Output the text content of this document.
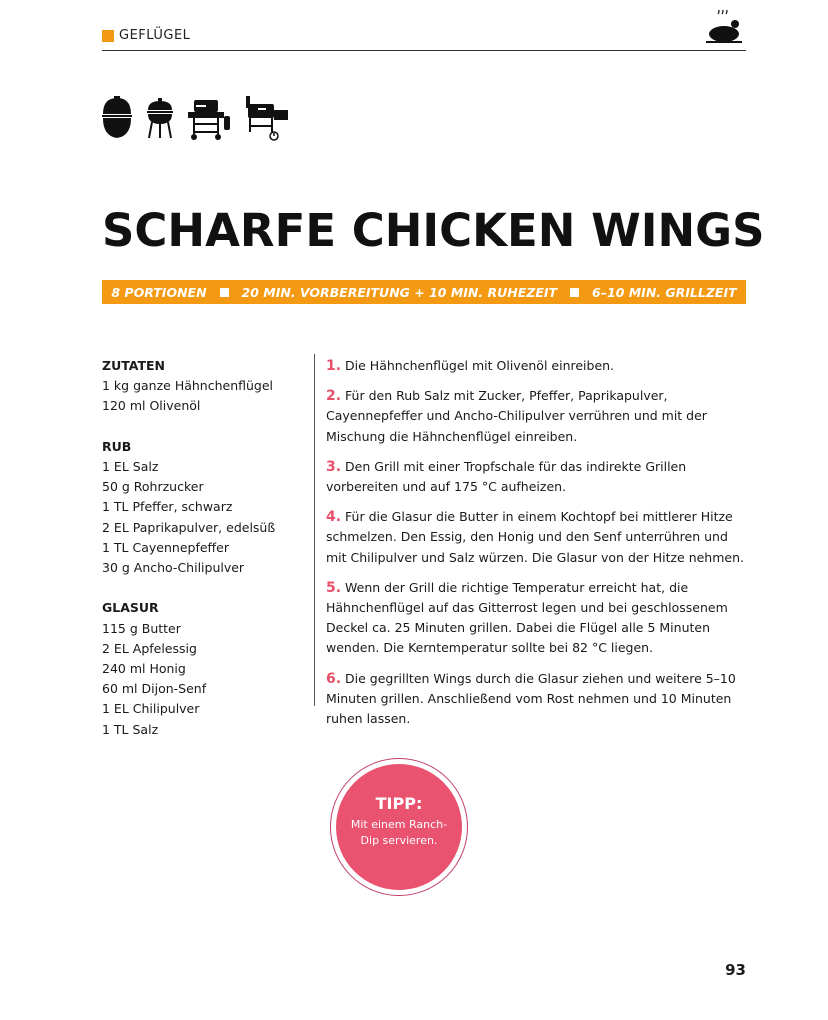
GEFLÜGEL
SCHARFE CHICKEN WINGS
8 PORTIONEN	20 MIN. VORBEREITUNG + 10 MIN. RUHEZEIT	6–10 MIN. GRILLZEIT
ZUTATEN
1 kg ganze Hähnchenflügel
120 ml Olivenöl
RUB
1 EL Salz
50 g Rohrzucker
1 TL Pfeffer, schwarz
2 EL Paprikapulver, edelsüß
1 TL Cayennepfeffer
30 g Ancho-Chilipulver
GLASUR
115 g Butter
2 EL Apfelessig
240 ml Honig
60 ml Dijon-Senf
1 EL Chilipulver
1 TL Salz
1. Die Hähnchenflügel mit Olivenöl einreiben.
2. Für den Rub Salz mit Zucker, Pfeffer, Paprikapulver, Cayennepfeffer und Ancho-Chilipulver verrühren und mit der Mischung die Hähnchenflügel einreiben.
3. Den Grill mit einer Tropfschale für das indirekte Grillen vorbereiten und auf 175 °C aufheizen.
4. Für die Glasur die Butter in einem Kochtopf bei mittlerer Hitze schmelzen. Den Essig, den Honig und den Senf unterrühren und mit Chilipulver und Salz würzen. Die Glasur von der Hitze nehmen.
5. Wenn der Grill die richtige Temperatur erreicht hat, die Hähnchenflügel auf das Gitterrost legen und bei geschlossenem Deckel ca. 25 Minuten grillen. Dabei die Flügel alle 5 Minuten wenden. Die Kerntemperatur sollte bei 82 °C liegen.
6. Die gegrillten Wings durch die Glasur ziehen und weitere 5–10 Minuten grillen. Anschließend vom Rost nehmen und 10 Minuten ruhen lassen.
TIPP:
Mit einem Ranch-Dip servieren.
93
